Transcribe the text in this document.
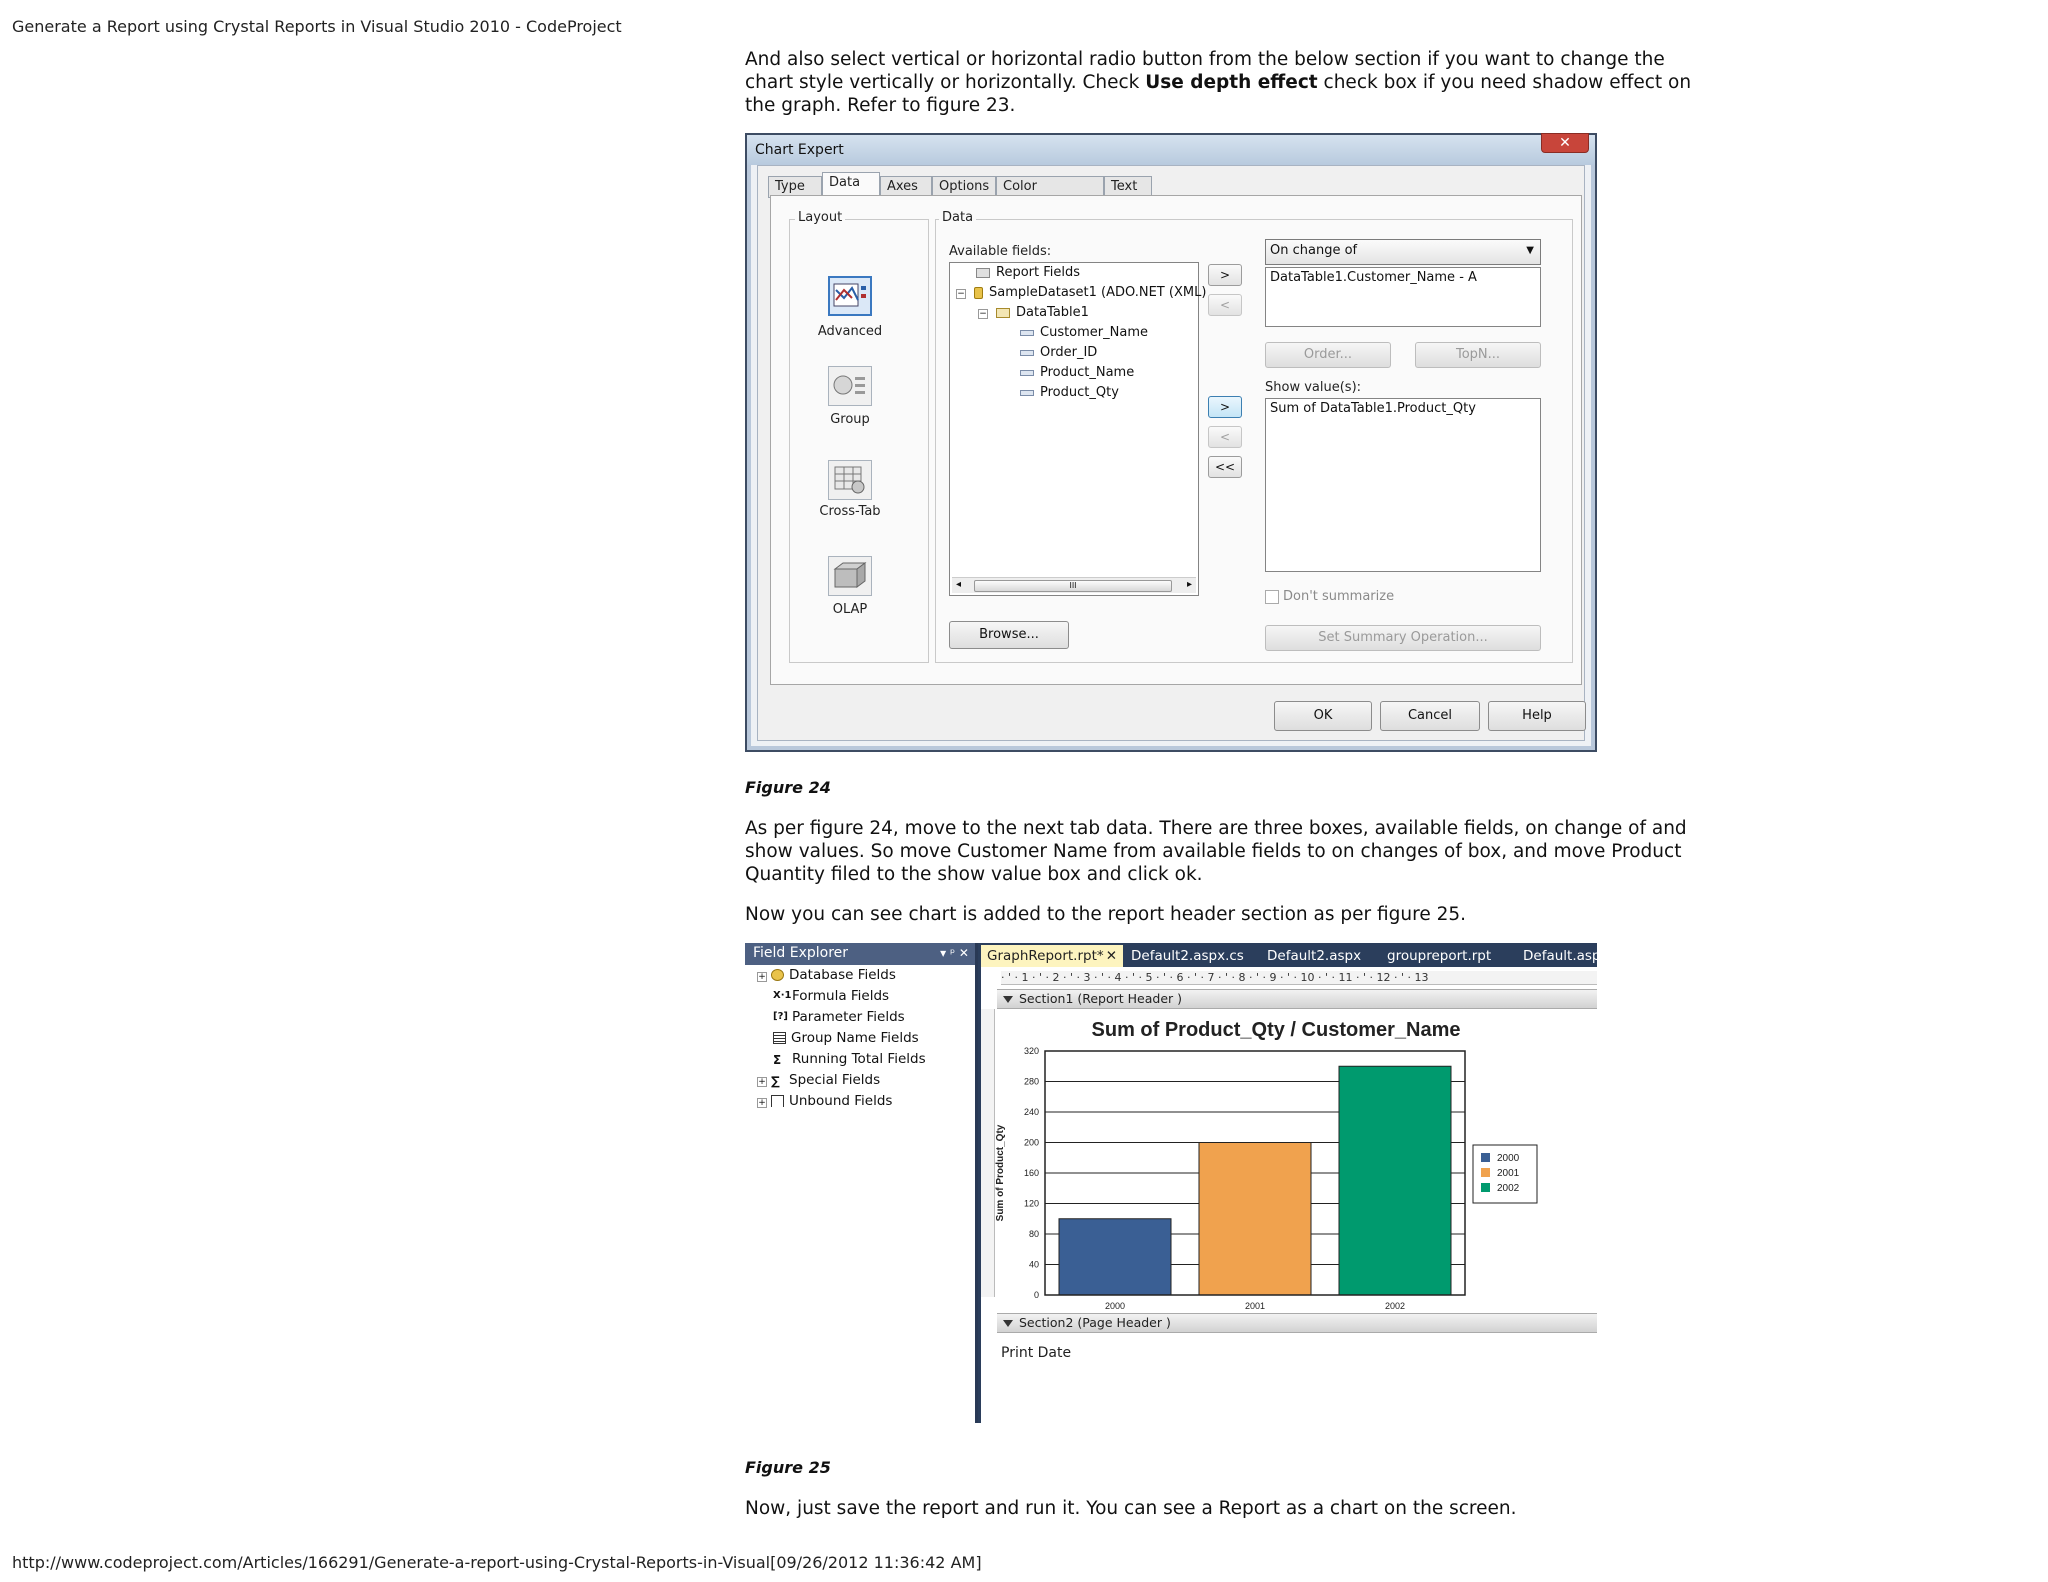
Generate a Report using Crystal Reports in Visual Studio 2010 - CodeProject
http://www.codeproject.com/Articles/166291/Generate-a-report-using-Crystal-Reports-in-Visual[09/26/2012 11:36:42 AM]
And also select vertical or horizontal radio button from the below section if you want to change the chart style vertically or horizontally. Check Use depth effect check box if you need shadow effect on the graph. Refer to figure 23.
Chart Expert	✕
Type	Data	Axes	Options	Color	Text
Layout
Advanced
Group
Cross-Tab
OLAP
Data
Available fields:
Report Fields
− SampleDataset1 (ADO.NET (XML)
− DataTable1
Customer_Name
Order_ID
Product_Name
Product_Qty
◂	III	▸
Browse...
>
<
>
<
<<
On change of	▼
DataTable1.Customer_Name - A
Order...	TopN...
Show value(s):
Sum of DataTable1.Product_Qty
Don't summarize
Set Summary Operation...
OK	Cancel	Help
Figure 24
As per figure 24, move to the next tab data. There are three boxes, available fields, on change of and show values. So move Customer Name from available fields to on changes of box, and move Product Quantity filed to the show value box and click ok.
Now you can see chart is added to the report header section as per figure 25.
Field Explorer	▾ ᵖ ✕
+ Database Fields
X·1Formula Fields
[?] Parameter Fields
Group Name Fields
Σ Running Total Fields
+ ∑ Special Fields
+ Unbound Fields
GraphReport.rpt* ✕	Default2.aspx.cs	Default2.aspx	groupreport.rpt	Default.aspx.
· ' · 1 · ' · 2 · ' · 3 · ' · 4 · ' · 5 · ' · 6 · ' · 7 · ' · 8 · ' · 9 · ' · 10 · ' · 11 · ' · 12 · ' · 13
Section1 (Report Header )
Sum of Product_Qty / Customer_Name
0
40
80
120
160
200
240
280
320
2000	2001	2002
Sum of Product_Qty	2000
2001
2002
Section2 (Page Header )
Print Date
Figure 25
Now, just save the report and run it. You can see a Report as a chart on the screen.
